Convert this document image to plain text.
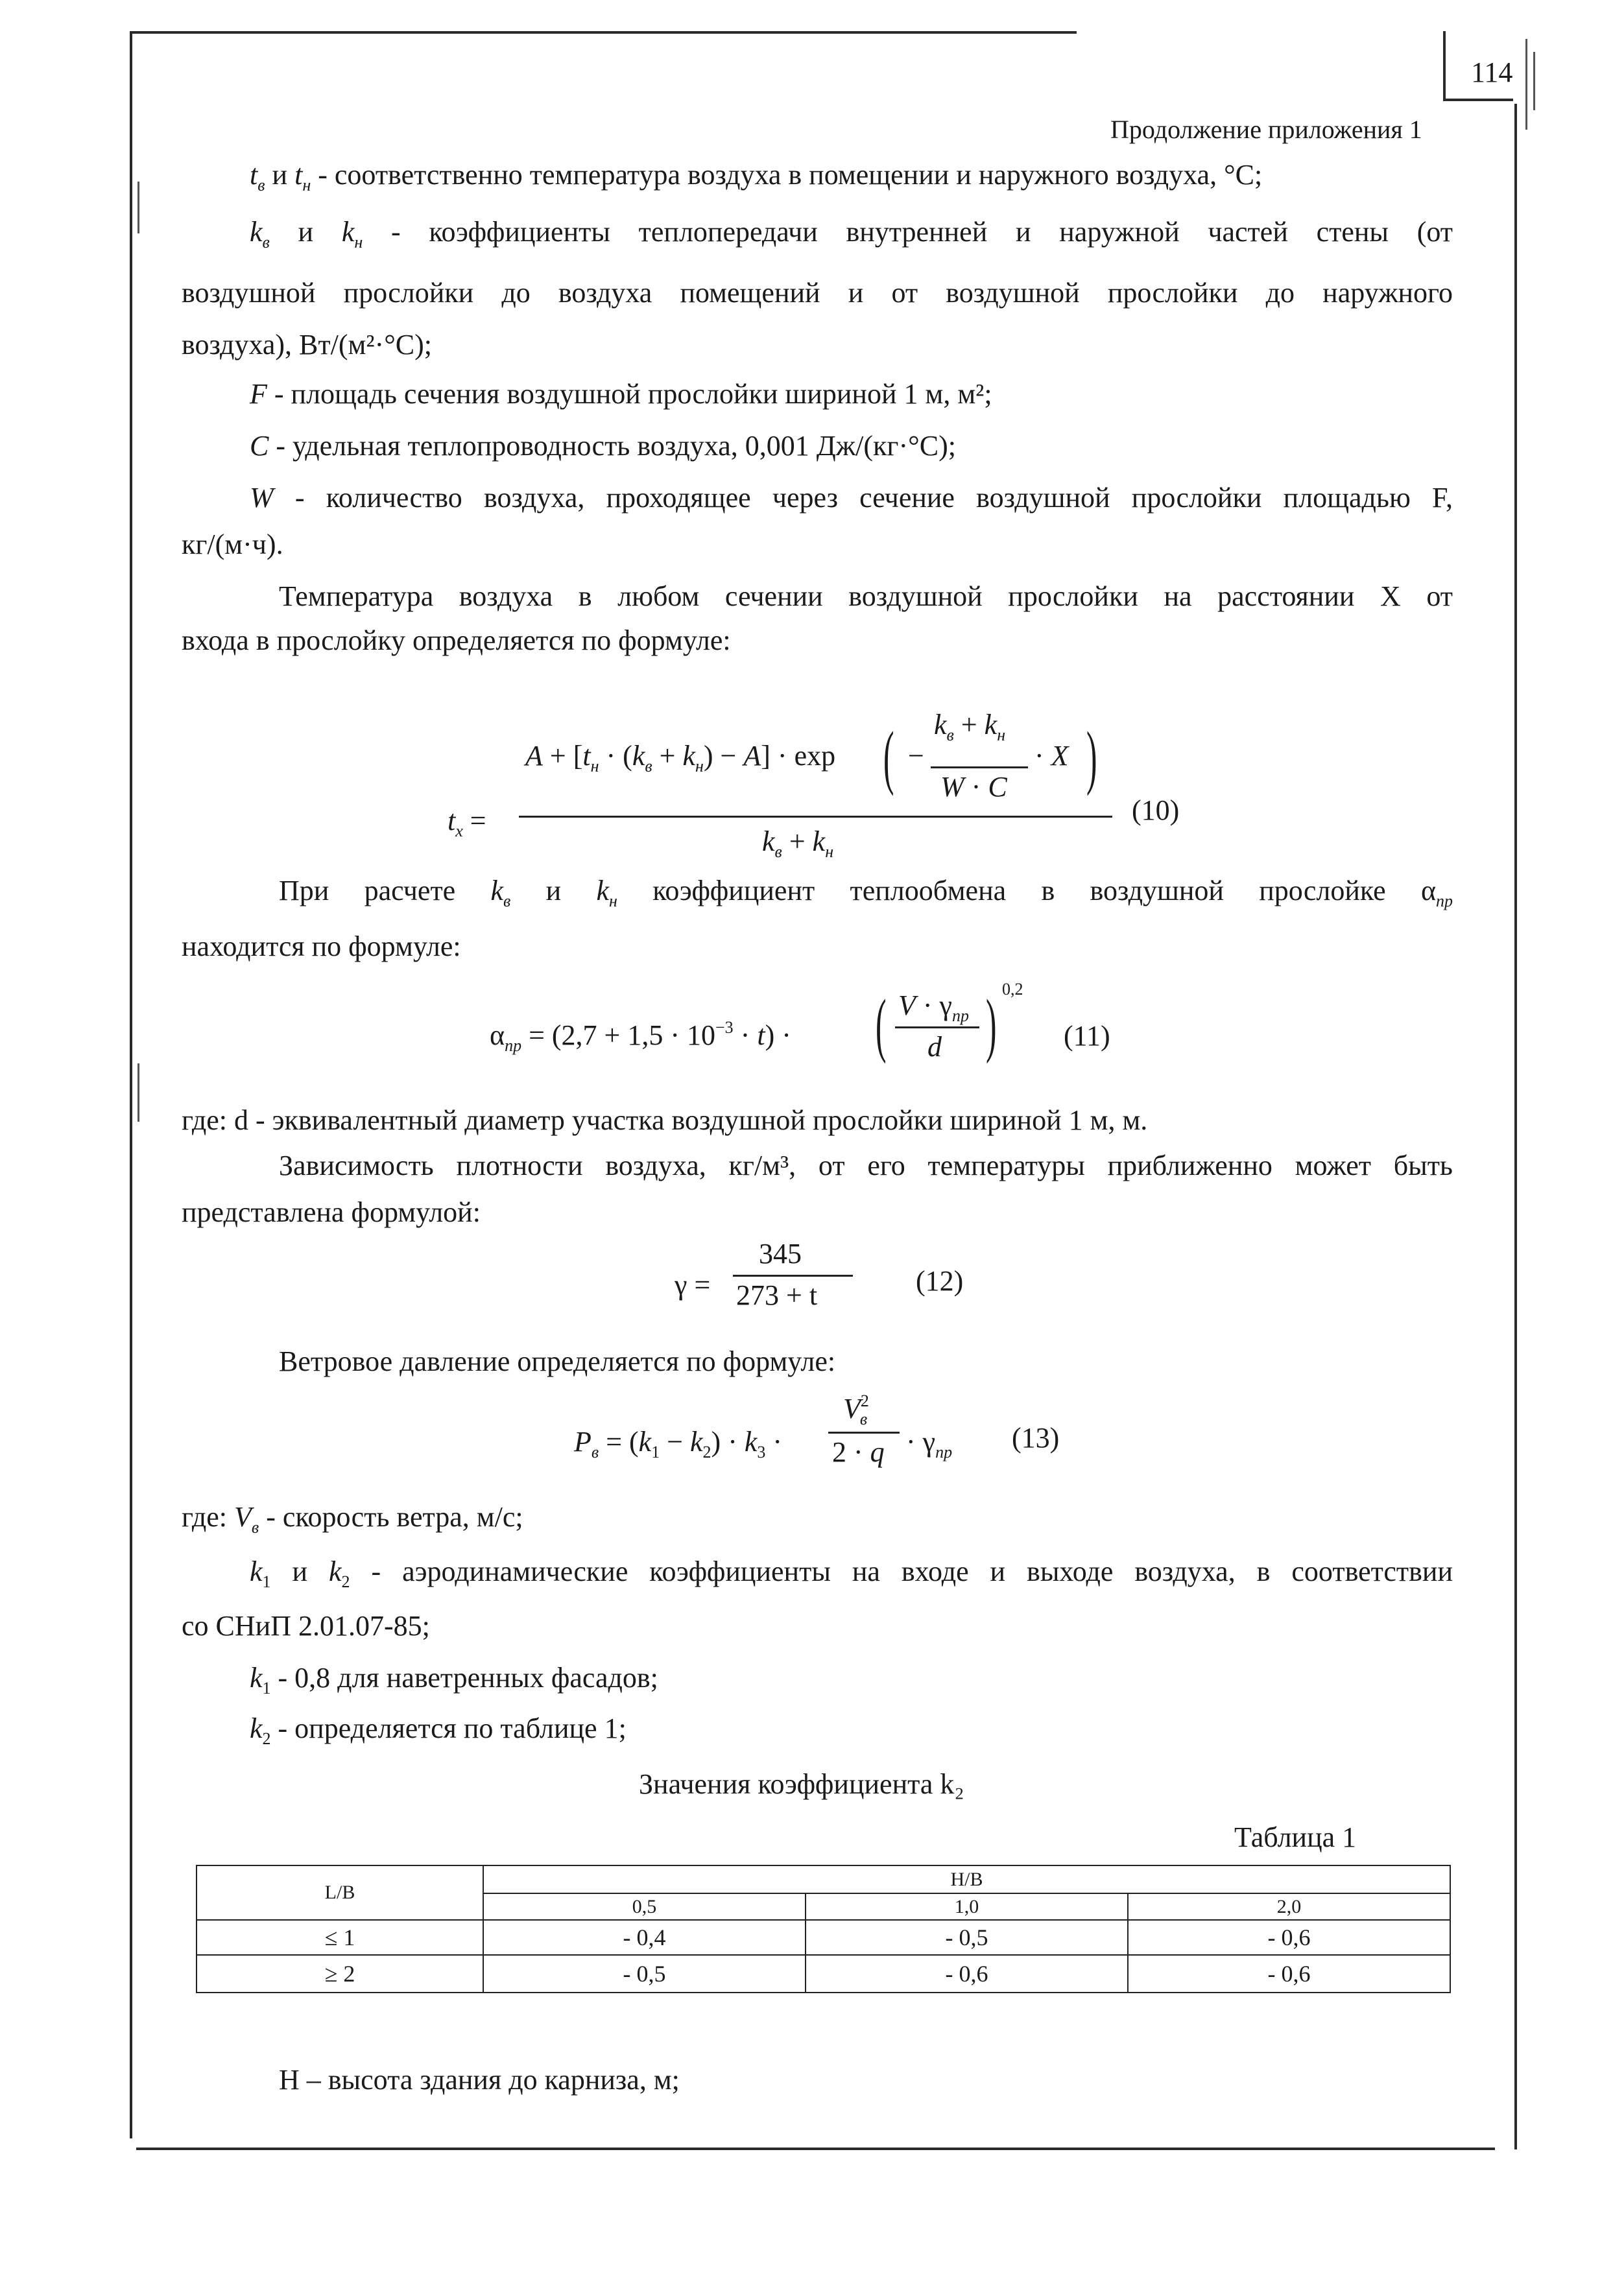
114
Продолжение приложения 1
$t_в$ и $t_н$ - соответственно температура воздуха в помещении и наружного воздуха, °С;
$k_в$ и $k_н$ - коэффициенты теплопередачи внутренней и наружной частей стены (от
воздушной прослойки до воздуха помещений и от воздушной прослойки до наружного
воздуха), Вт/(м²·°С);
F - площадь сечения воздушной прослойки шириной 1 м, м²;
C - удельная теплопроводность воздуха, 0,001 Дж/(кг·°С);
W - количество воздуха, проходящее через сечение воздушной прослойки площадью F,
кг/(м·ч).
Температура воздуха в любом сечении воздушной прослойки на расстоянии Х от
входа в прослойку определяется по формуле:
$t_x$ =
$A + [t_н \cdot (k_в + k_н) - A] \cdot \exp$ ( −
$k_в + k_н$
W · C
· X )
$k_в + k_н$
(10)
При расчете $k_в$ и $k_н$ коэффициент теплообмена в воздушной прослойке $\alpha_{пр}$
находится по формуле:
$\alpha_{пр} = (2,7 + 1,5 \cdot 10^{-3} \cdot t)$ · ( $V \cdot \gamma_{пр}$
d ) 0,2
(11)
где: d - эквивалентный диаметр участка воздушной прослойки шириной 1 м, м.
Зависимость плотности воздуха, кг/м³, от его температуры приближенно может быть
представлена формулой:
γ =
345
273 + t	(12)
Ветровое давление определяется по формуле:
$P_в = (k_1 - k_2) \cdot k_3$ ·
$V^2_в$
$2 \cdot q \cdot \gamma_{пр}$ (13)
где: $V_в$ - скорость ветра, м/с;
$k_1$ и $k_2$ - аэродинамические коэффициенты на входе и выходе воздуха, в соответствии
со СНиП 2.01.07-85;
$k_1 - 0,8$ для наветренных фасадов;
$k_2$ - определяется по таблице 1;
Значения коэффициента k₂
Таблица 1
L/B	H/B		
	0,5	1,0	2,0
≤ 1	- 0,4	- 0,5	- 0,6
≥ 2	- 0,5	- 0,6	- 0,6
Н – высота здания до карниза, м;
